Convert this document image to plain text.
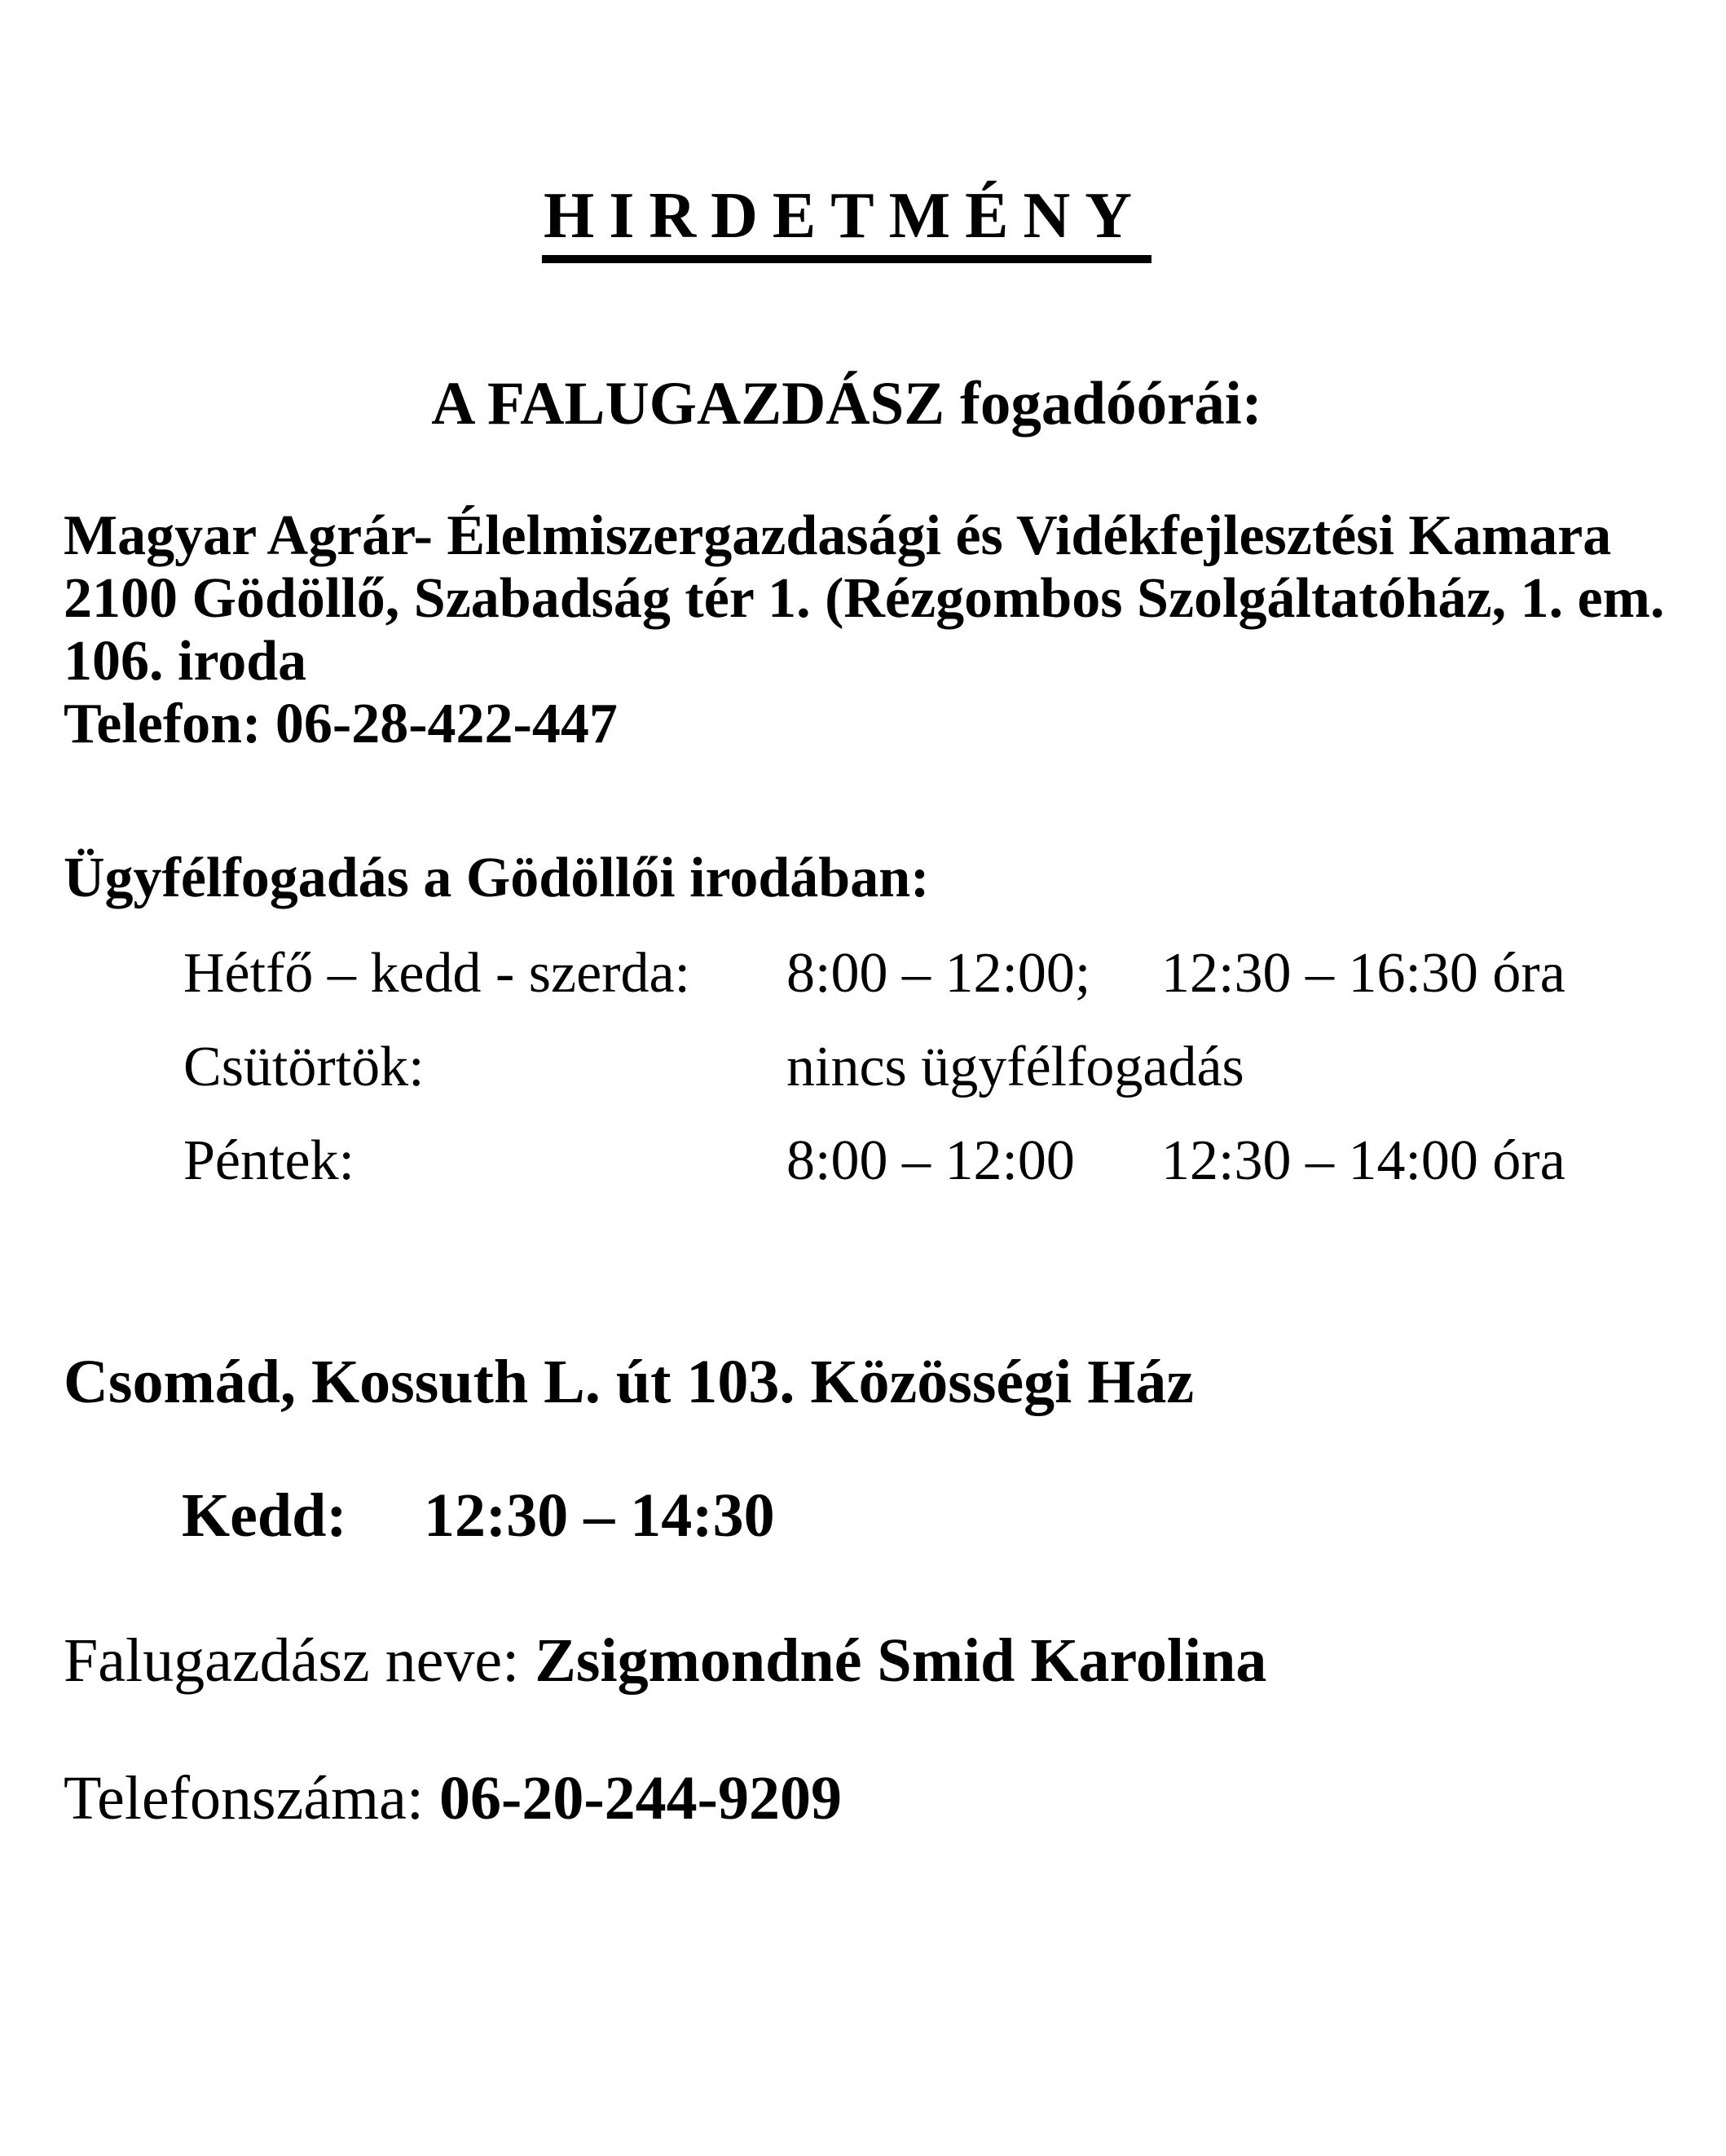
HIRDETMÉNY
A FALUGAZDÁSZ fogadóórái:
Magyar Agrár- Élelmiszergazdasági és Vidékfejlesztési Kamara
2100 Gödöllő, Szabadság tér 1. (Rézgombos Szolgáltatóház, 1. em.
106. iroda
Telefon: 06-28-422-447
Ügyfélfogadás a Gödöllői irodában:
Hétfő – kedd - szerda: 8:00 – 12:00; 12:30 – 16:30 óra
Csütörtök:	nincs ügyfélfogadás
Péntek:	8:00 – 12:00 12:30 – 14:00 óra
Csomád, Kossuth L. út 103. Közösségi Ház
Kedd: 12:30 – 14:30

Falugazdász neve: Zsigmondné Smid Karolina

Telefonszáma: 06-20-244-9209
